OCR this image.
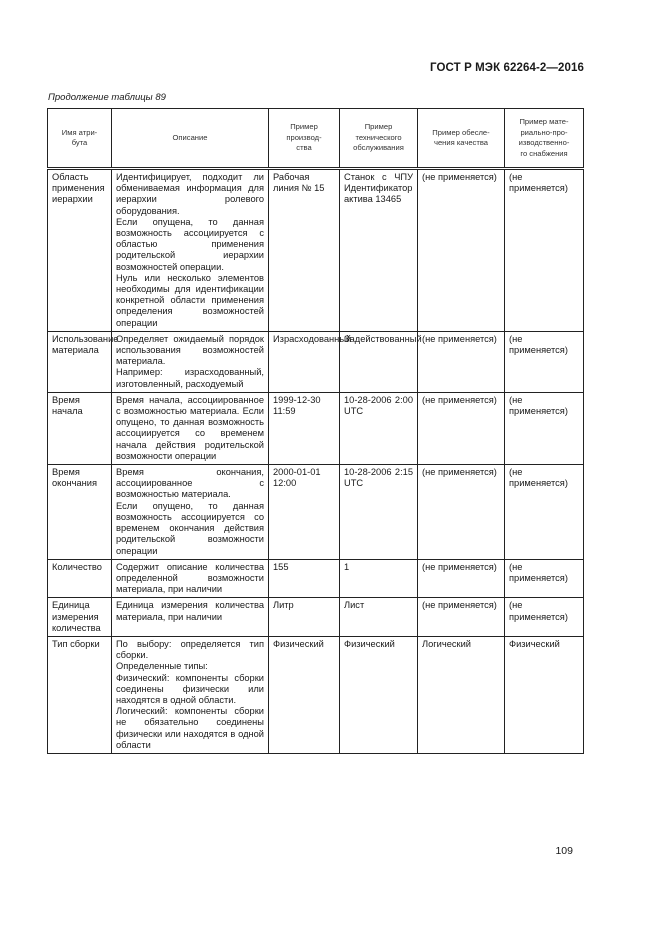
ГОСТ Р МЭК 62264-2—2016
Продолжение таблицы 89
Имя атри-
бута	Описание	Пример
производ-
ства	Пример
технического
обслуживания	Пример обесле-
чения качества	Пример мате-
риально-про-
изводственно-
го снабжения
Область применения иерархии	Идентифицирует, подходит ли обмениваемая информация для иерархии ролевого оборудования.
Если опущена, то данная возможность ассоциируется с областью применения родительской иерархии возможностей операции.
Нуль или несколько элементов необходимы для идентификации конкретной области применения определения возможностей операции	Рабочая линия № 15	Станок с ЧПУ Идентификатор актива 13465	(не применяется)	(не применяется)
Использование материала	Определяет ожидаемый порядок использования возможностей материала.
Например: израсходованный, изготовленный, расходуемый	Израсходованный	Задействованный	(не применяется)	(не применяется)
Время начала	Время начала, ассоциированное с возможностью материала. Если опущено, то данная возможность ассоциируется со временем начала действия родительской возможности операции	1999-12-30 11:59	10-28-2006 2:00 UTC	(не применяется)	(не применяется)
Время окончания	Время окончания, ассоциированное с возможностью материала.
Если опущено, то данная возможность ассоциируется со временем окончания действия родительской возможности операции	2000-01-01 12:00	10-28-2006 2:15 UTC	(не применяется)	(не применяется)
Количество	Содержит описание количества определенной возможности материала, при наличии	155	1	(не применяется)	(не применяется)
Единица измерения количества	Единица измерения количества материала, при наличии	Литр	Лист	(не применяется)	(не применяется)
Тип сборки	По выбору: определяется тип сборки.
Определенные типы:
Физический: компоненты сборки соединены физически или находятся в одной области.
Логический: компоненты сборки не обязательно соединены физически или находятся в одной области	Физический	Физический	Логический	Физический
109
